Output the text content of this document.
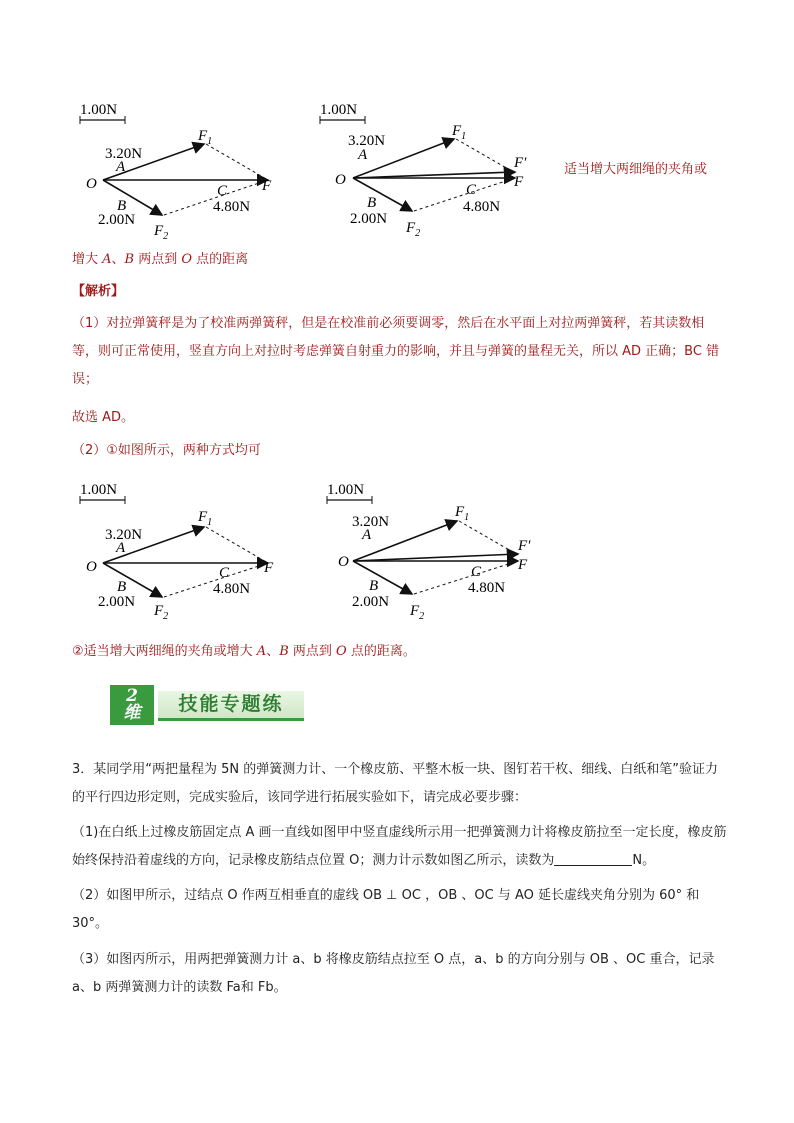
1.00N
3.20N
A
O
B
2.00N
C
4.80N
$F_1$
$F_2$
F
1.00N
3.20N
A
O
B
2.00N
C
4.80N
$F_1$
$F_2$
F′
F
适当增大两细绳的夹角或
增大 A、B 两点到 O 点的距离
【解析】
（1）对拉弹簧秤是为了校准两弹簧秤，但是在校准前必须要调零，然后在水平面上对拉两弹簧秤，若其读数相等，则可正常使用，竖直方向上对拉时考虑弹簧自射重力的影响，并且与弹簧的量程无关，所以 AD 正确；BC 错误；
故选 AD。
（2）①如图所示，两种方式均可
1.00N
3.20N
A
O
B
2.00N
C
4.80N
$F_1$
$F_2$
F
1.00N
3.20N
A
O
B
2.00N
C
4.80N
$F_1$
$F_2$
F′
F
②适当增大两细绳的夹角或增大 A、B 两点到 O 点的距离。
2
维	技能专题练
3．某同学用“两把量程为 5N 的弹簧测力计、一个橡皮筋、平整木板一块、图钉若干枚、细线、白纸和笔”验证力的平行四边形定则，完成实验后，该同学进行拓展实验如下，请完成必要步骤：
（1)在白纸上过橡皮筋固定点 A 画一直线如图甲中竖直虚线所示用一把弹簧测力计将橡皮筋拉至一定长度，橡皮筋始终保持沿着虚线的方向，记录橡皮筋结点位置 O；测力计示数如图乙所示，读数为	N。
（2）如图甲所示，过结点 O 作两互相垂直的虚线 OB ⊥ OC ，OB 、OC 与 AO 延长虚线夹角分别为 60° 和 30°。
（3）如图丙所示，用两把弹簧测力计 a、b 将橡皮筋结点拉至 O 点，a、b 的方向分别与 OB 、OC 重合，记录 a、b 两弹簧测力计的读数 Fa和 Fb。
